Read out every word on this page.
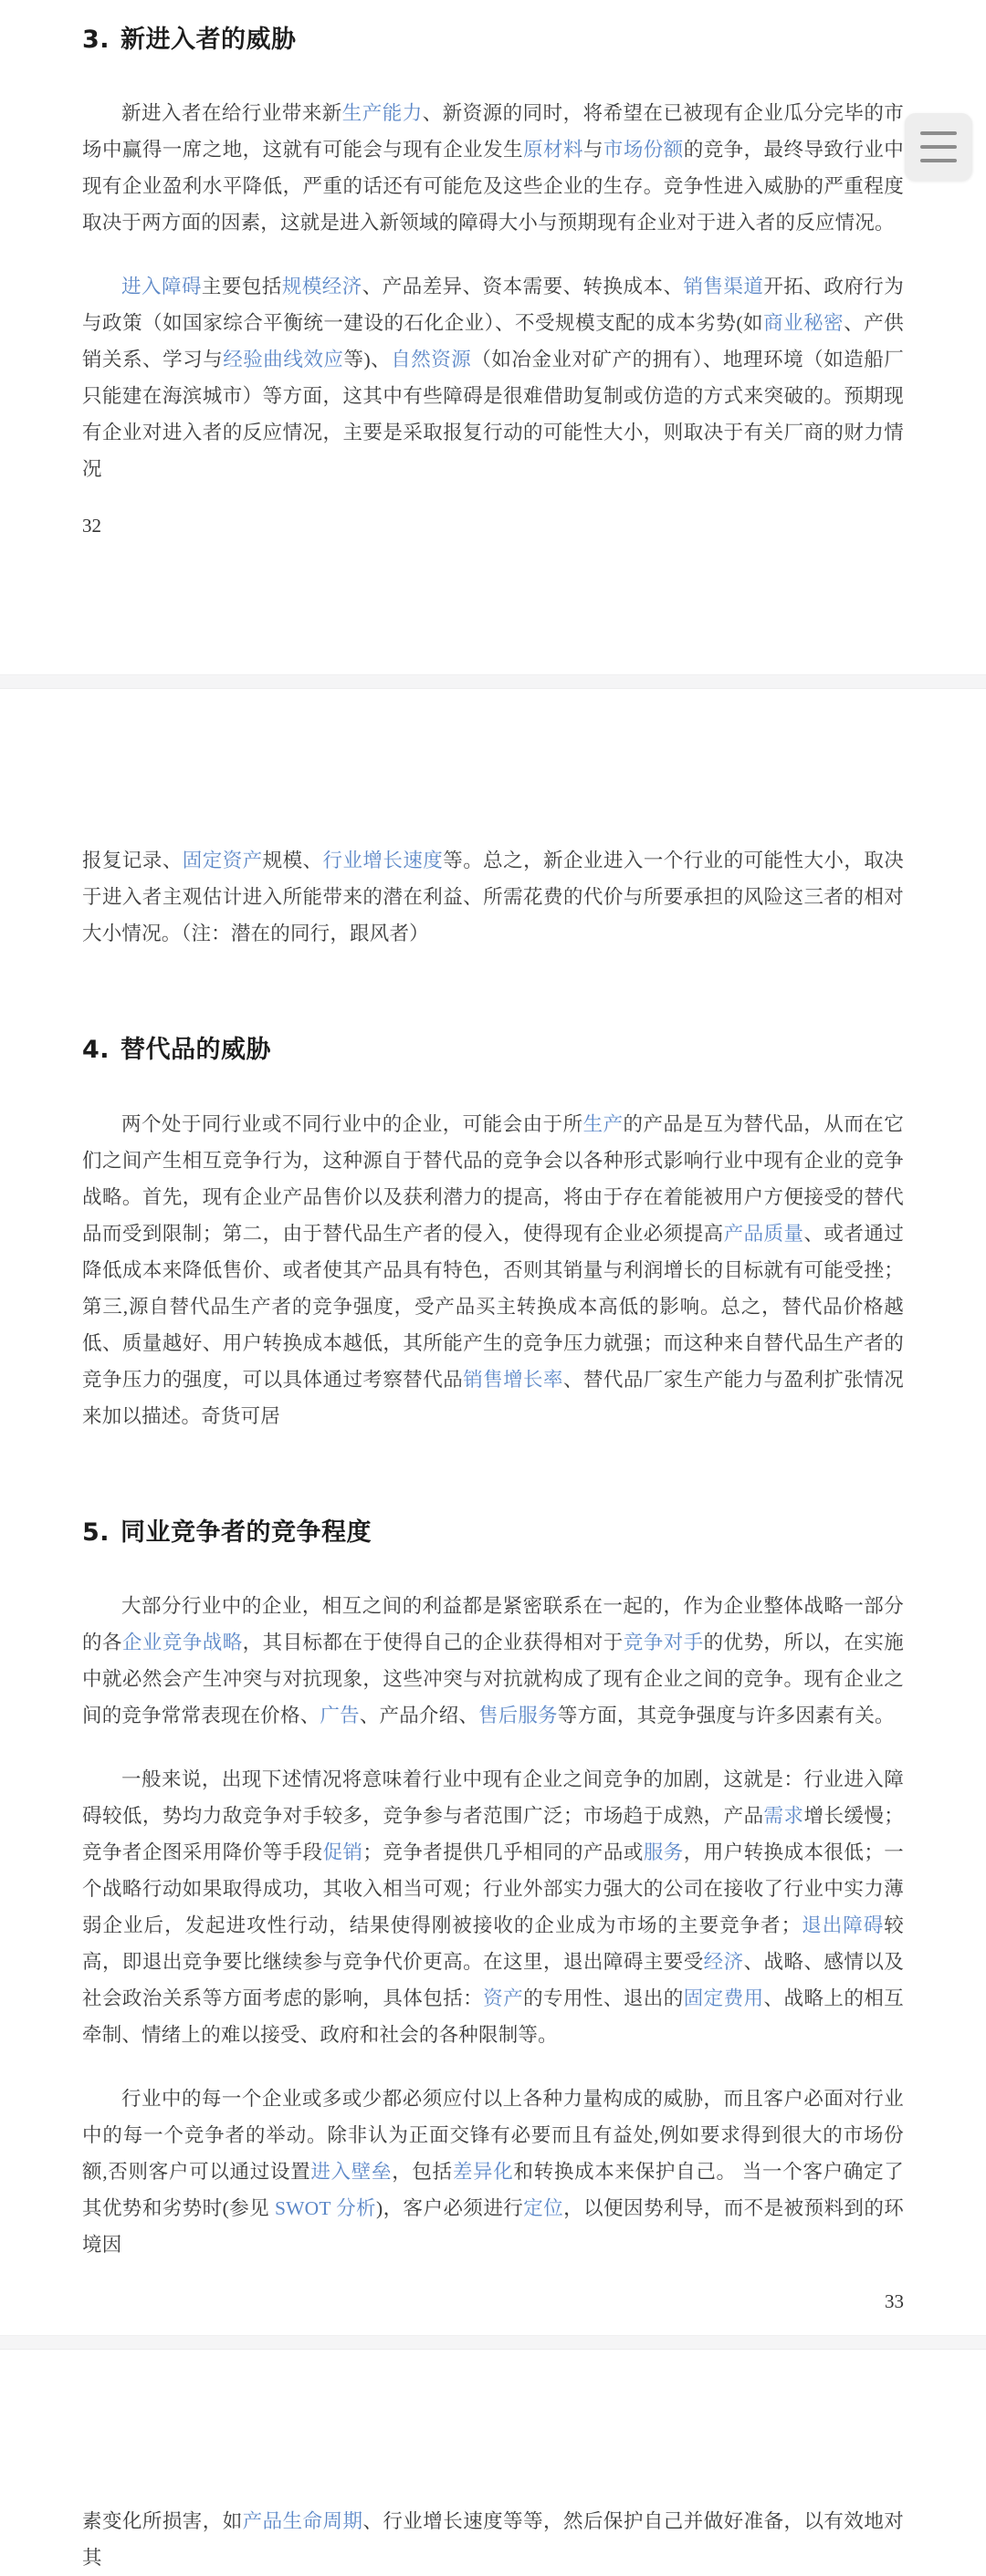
3. 新进入者的威胁

新进入者在给行业带来新生产能力、新资源的同时，将希望在已被现有企业瓜分完毕的市场中赢得一席之地，这就有可能会与现有企业发生原材料与市场份额的竞争，最终导致行业中现有企业盈利水平降低，严重的话还有可能危及这些企业的生存。竞争性进入威胁的严重程度取决于两方面的因素，这就是进入新领域的障碍大小与预期现有企业对于进入者的反应情况。

进入障碍主要包括规模经济、产品差异、资本需要、转换成本、销售渠道开拓、政府行为与政策（如国家综合平衡统一建设的石化企业）、不受规模支配的成本劣势(如商业秘密、产供销关系、学习与经验曲线效应等)、自然资源（如冶金业对矿产的拥有）、地理环境（如造船厂只能建在海滨城市）等方面，这其中有些障碍是很难借助复制或仿造的方式来突破的。预期现有企业对进入者的反应情况，主要是采取报复行动的可能性大小，则取决于有关厂商的财力情况

32

报复记录、固定资产规模、行业增长速度等。总之，新企业进入一个行业的可能性大小，取决于进入者主观估计进入所能带来的潜在利益、所需花费的代价与所要承担的风险这三者的相对大小情况。（注：潜在的同行，跟风者）

4. 替代品的威胁

两个处于同行业或不同行业中的企业，可能会由于所生产的产品是互为替代品，从而在它们之间产生相互竞争行为，这种源自于替代品的竞争会以各种形式影响行业中现有企业的竞争战略。首先，现有企业产品售价以及获利潜力的提高，将由于存在着能被用户方便接受的替代品而受到限制；第二，由于替代品生产者的侵入，使得现有企业必须提高产品质量、或者通过降低成本来降低售价、或者使其产品具有特色，否则其销量与利润增长的目标就有可能受挫；第三,源自替代品生产者的竞争强度，受产品买主转换成本高低的影响。总之，替代品价格越低、质量越好、用户转换成本越低，其所能产生的竞争压力就强；而这种来自替代品生产者的竞争压力的强度，可以具体通过考察替代品销售增长率、替代品厂家生产能力与盈利扩张情况来加以描述。奇货可居

5. 同业竞争者的竞争程度

大部分行业中的企业，相互之间的利益都是紧密联系在一起的，作为企业整体战略一部分的各企业竞争战略，其目标都在于使得自己的企业获得相对于竞争对手的优势，所以，在实施中就必然会产生冲突与对抗现象，这些冲突与对抗就构成了现有企业之间的竞争。现有企业之间的竞争常常表现在价格、广告、产品介绍、售后服务等方面，其竞争强度与许多因素有关。

一般来说，出现下述情况将意味着行业中现有企业之间竞争的加剧，这就是：行业进入障碍较低，势均力敌竞争对手较多，竞争参与者范围广泛；市场趋于成熟，产品需求增长缓慢；竞争者企图采用降价等手段促销；竞争者提供几乎相同的产品或服务，用户转换成本很低；一个战略行动如果取得成功，其收入相当可观；行业外部实力强大的公司在接收了行业中实力薄弱企业后，发起进攻性行动，结果使得刚被接收的企业成为市场的主要竞争者；退出障碍较高，即退出竞争要比继续参与竞争代价更高。在这里，退出障碍主要受经济、战略、感情以及社会政治关系等方面考虑的影响，具体包括：资产的专用性、退出的固定费用、战略上的相互牵制、情绪上的难以接受、政府和社会的各种限制等。

行业中的每一个企业或多或少都必须应付以上各种力量构成的威胁，而且客户必面对行业中的每一个竞争者的举动。除非认为正面交锋有必要而且有益处,例如要求得到很大的市场份额,否则客户可以通过设置进入壁垒，包括差异化和转换成本来保护自己。 当一个客户确定了其优势和劣势时(参见 SWOT 分析)，客户必须进行定位，以便因势利导，而不是被预料到的环境因

33

素变化所损害，如产品生命周期、行业增长速度等等，然后保护自己并做好准备，以有效地对其
